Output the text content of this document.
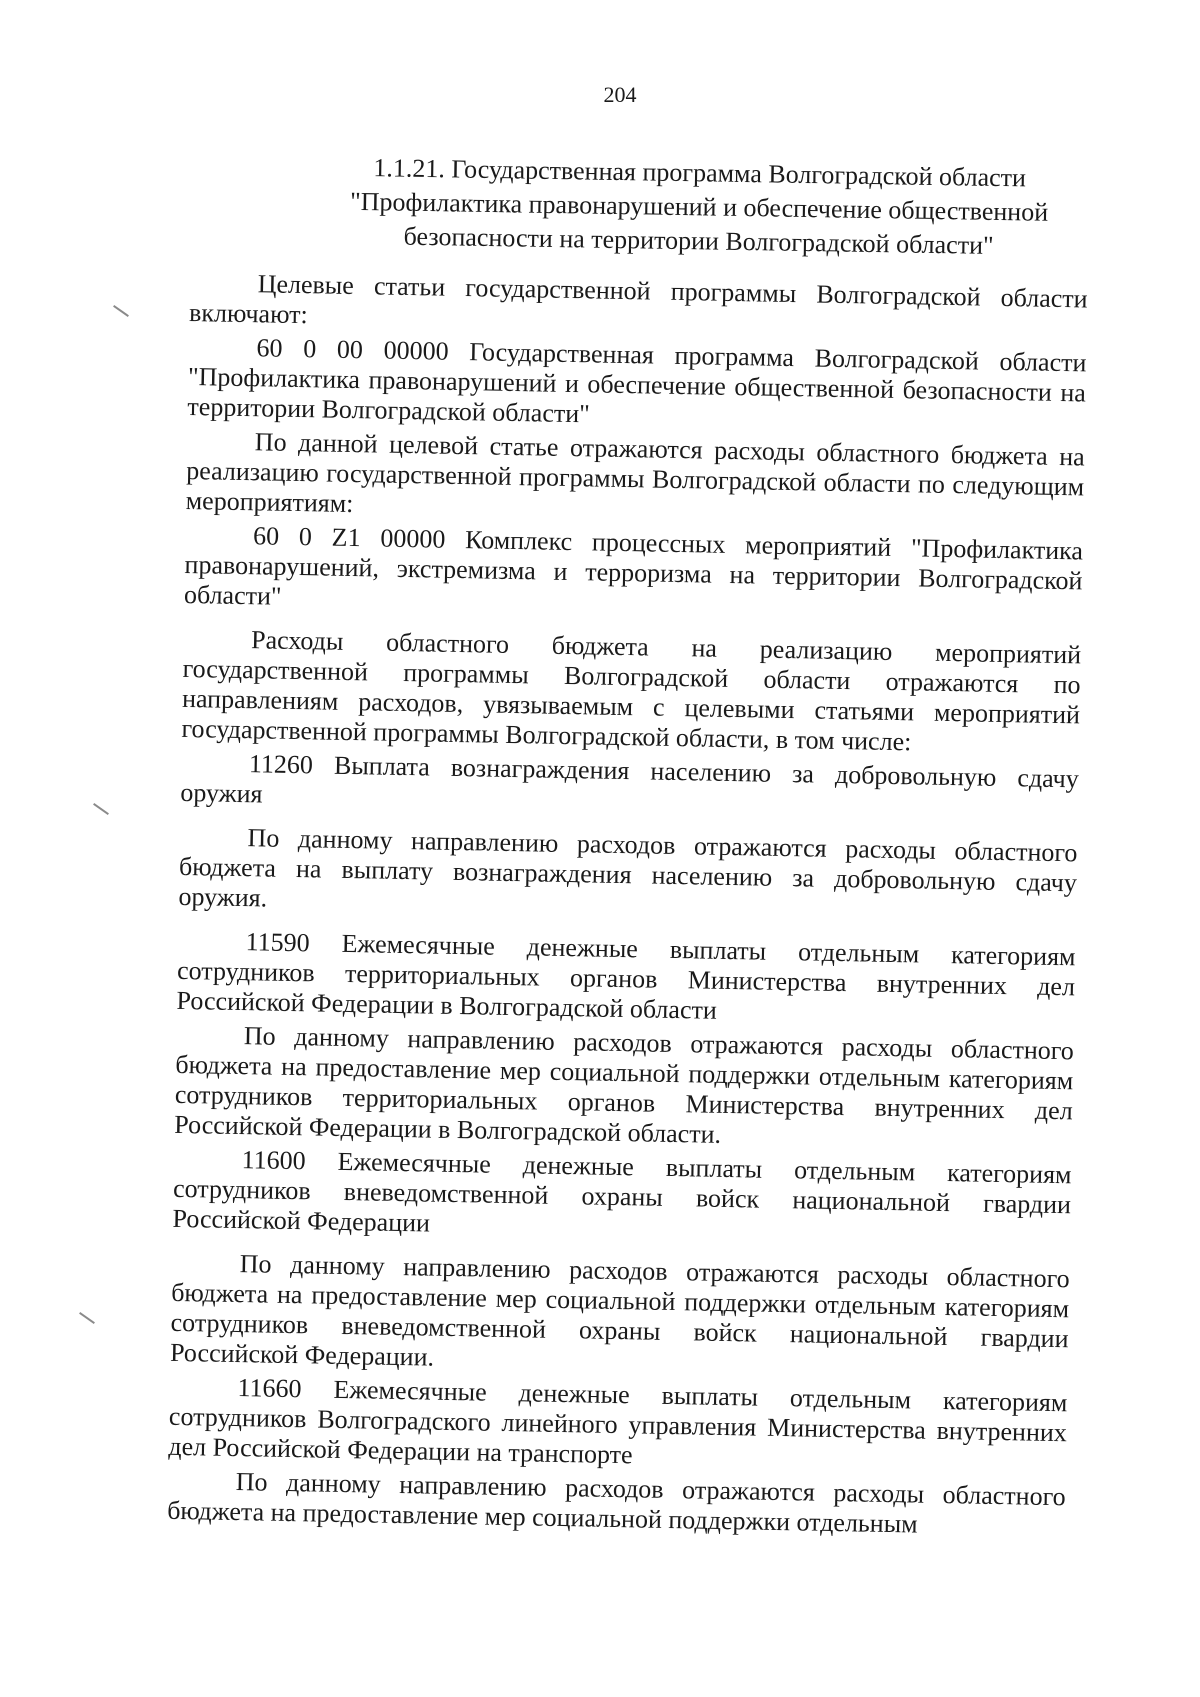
204
1.1.21. Государственная программа Волгоградской области "Профилактика правонарушений и обеспечение общественной безопасности на территории Волгоградской области"

Целевые статьи государственной программы Волгоградской области включают:

60 0 00 00000 Государственная программа Волгоградской области "Профилактика правонарушений и обеспечение общественной безопасности на территории Волгоградской области"

По данной целевой статье отражаются расходы областного бюджета на реализацию государственной программы Волгоградской области по следующим мероприятиям:

60 0 Z1 00000 Комплекс процессных мероприятий "Профилактика правонарушений, экстремизма и терроризма на территории Волгоградской области"

Расходы областного бюджета на реализацию мероприятий государственной программы Волгоградской области отражаются по направлениям расходов, увязываемым с целевыми статьями мероприятий государственной программы Волгоградской области, в том числе:

11260 Выплата вознаграждения населению за добровольную сдачу оружия

По данному направлению расходов отражаются расходы областного бюджета на выплату вознаграждения населению за добровольную сдачу оружия.

11590 Ежемесячные денежные выплаты отдельным категориям сотрудников территориальных органов Министерства внутренних дел Российской Федерации в Волгоградской области

По данному направлению расходов отражаются расходы областного бюджета на предоставление мер социальной поддержки отдельным категориям сотрудников территориальных органов Министерства внутренних дел Российской Федерации в Волгоградской области.

11600 Ежемесячные денежные выплаты отдельным категориям сотрудников вневедомственной охраны войск национальной гвардии Российской Федерации

По данному направлению расходов отражаются расходы областного бюджета на предоставление мер социальной поддержки отдельным категориям сотрудников вневедомственной охраны войск национальной гвардии Российской Федерации.

11660 Ежемесячные денежные выплаты отдельным категориям сотрудников Волгоградского линейного управления Министерства внутренних дел Российской Федерации на транспорте

По данному направлению расходов отражаются расходы областного бюджета на предоставление мер социальной поддержки отдельным
